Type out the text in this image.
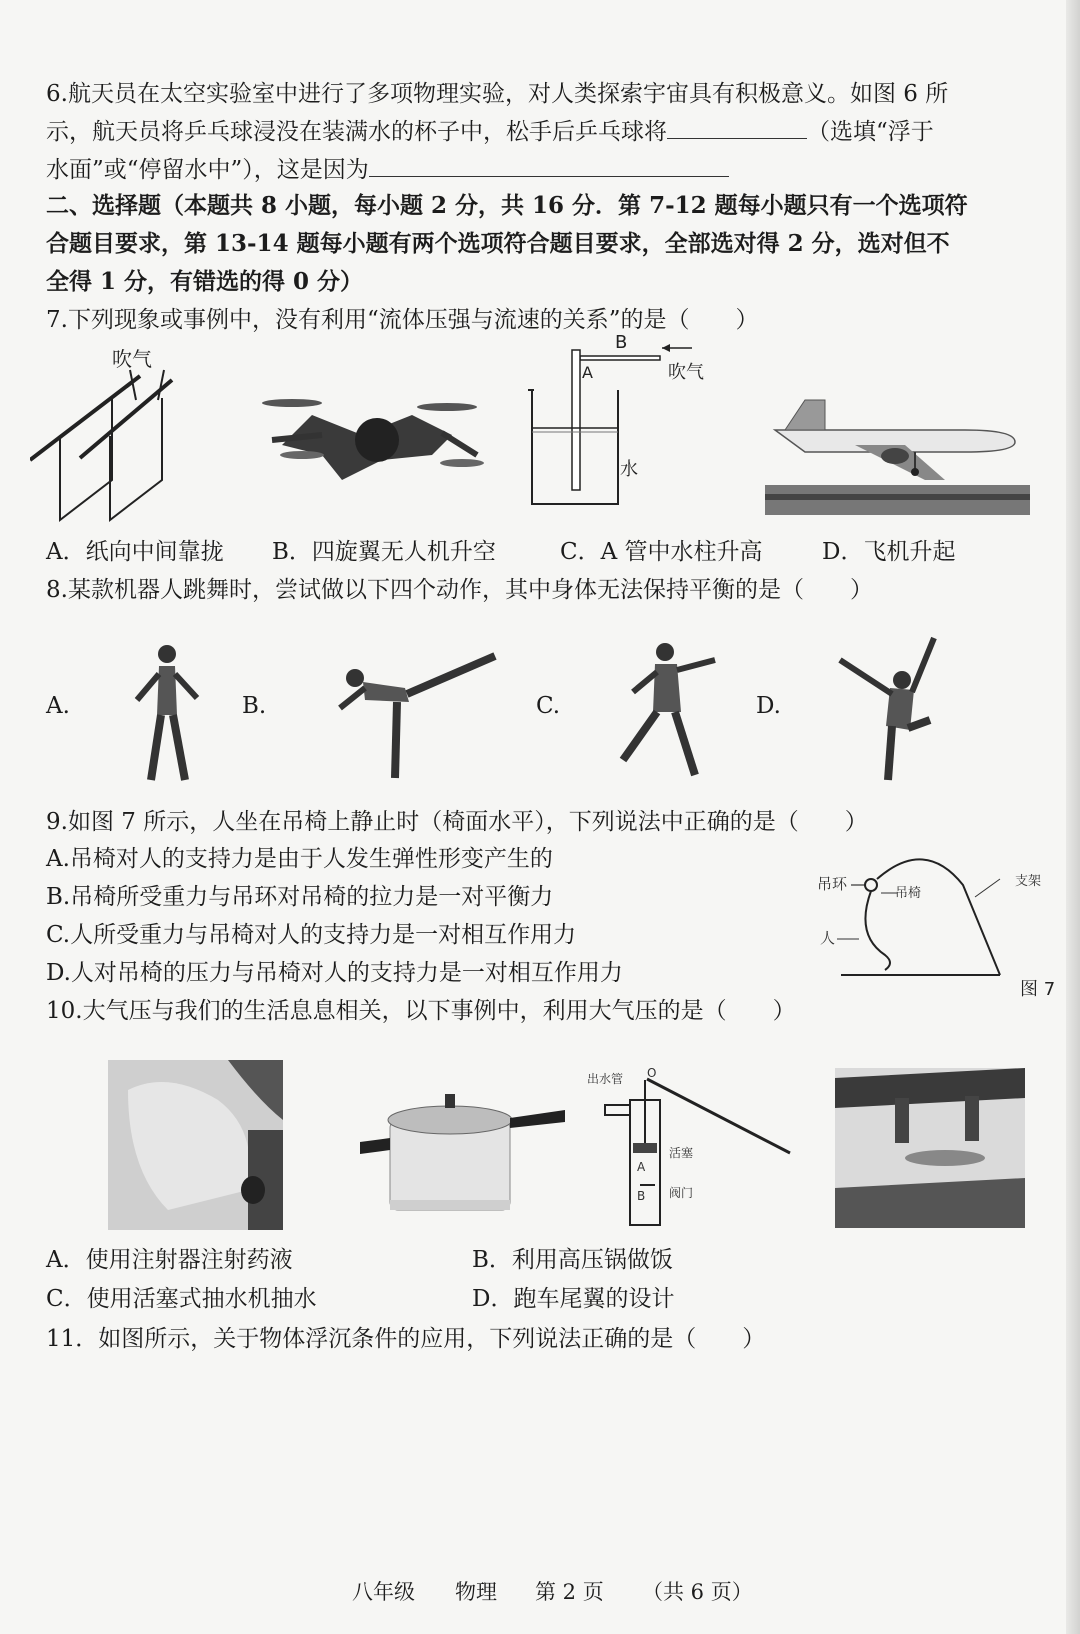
6.航天员在太空实验室中进行了多项物理实验，对人类探索宇宙具有积极意义。如图 6 所
示，航天员将乒乓球浸没在装满水的杯子中，松手后乒乓球将	（选填“浮于
水面”或“停留水中”），这是因为
二、选择题（本题共 8 小题，每小题 2 分，共 16 分．第 7-12 题每小题只有一个选项符
合题目要求，第 13-14 题每小题有两个选项符合题目要求，全部选对得 2 分，选对但不
全得 1 分，有错选的得 0 分）
7.下列现象或事例中，没有利用“流体压强与流速的关系”的是（　　）
吹气
B
吹气
A
水
A．纸向中间靠拢 B．四旋翼无人机升空	C．A 管中水柱升高	D．飞机升起
8.某款机器人跳舞时，尝试做以下四个动作，其中身体无法保持平衡的是（　　）
A.	B.	C.	D.
9.如图 7 所示，人坐在吊椅上静止时（椅面水平），下列说法中正确的是（　　）
A.吊椅对人的支持力是由于人发生弹性形变产生的
B.吊椅所受重力与吊环对吊椅的拉力是一对平衡力
C.人所受重力与吊椅对人的支持力是一对相互作用力
D.人对吊椅的压力与吊椅对人的支持力是一对相互作用力
吊环
吊椅
人
支架
图 7
10.大气压与我们的生活息息相关，以下事例中，利用大气压的是（　　）
出水管 O
A
B
活塞
阀门
A．使用注射器注射药液	B．利用高压锅做饭
C．使用活塞式抽水机抽水	D．跑车尾翼的设计
11．如图所示，关于物体浮沉条件的应用，下列说法正确的是（　　）
八年级 物理 第 2 页 （共 6 页）
